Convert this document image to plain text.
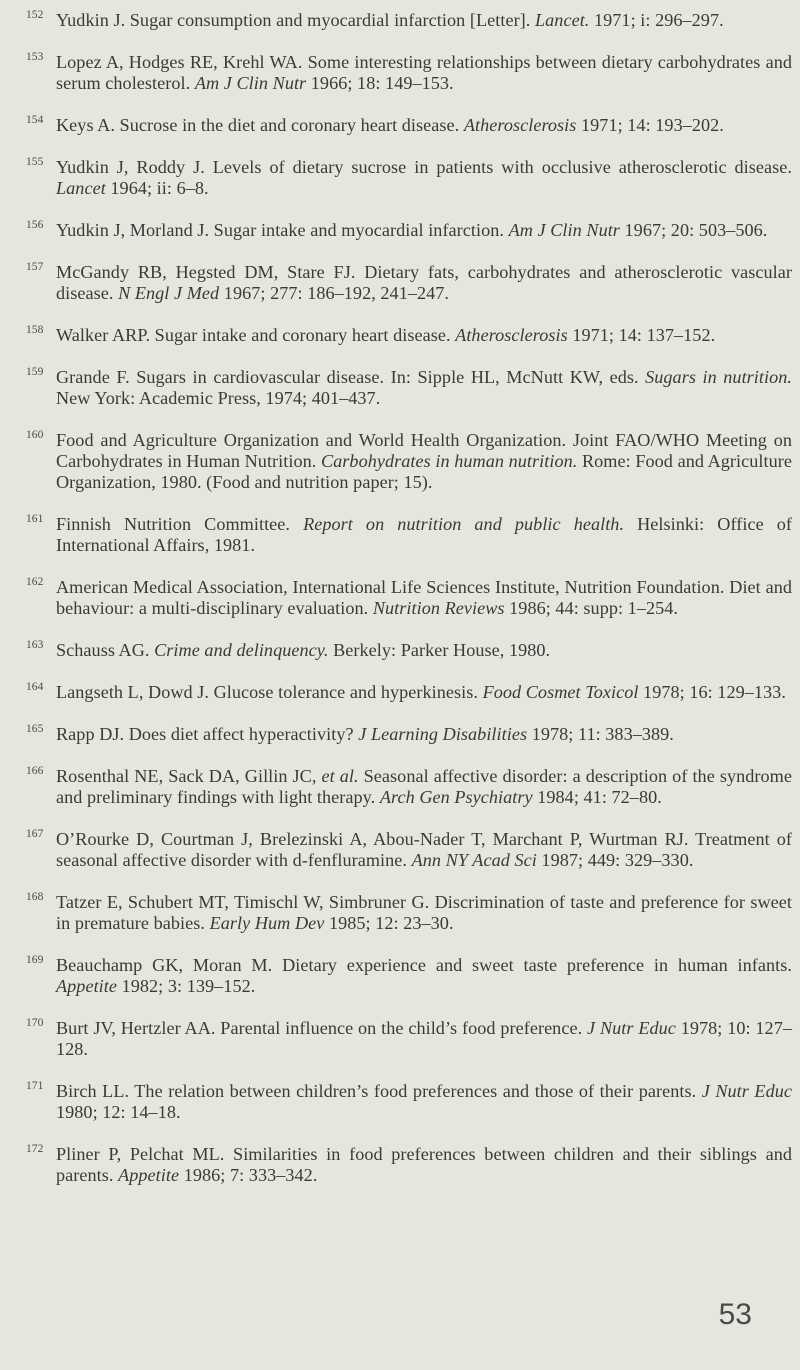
152 Yudkin J. Sugar consumption and myocardial infarction [Letter]. Lancet. 1971; i: 296–297.
153 Lopez A, Hodges RE, Krehl WA. Some interesting relationships between dietary carbohydrates and serum cholesterol. Am J Clin Nutr 1966; 18: 149–153.
154 Keys A. Sucrose in the diet and coronary heart disease. Atherosclerosis 1971; 14: 193–202.
155 Yudkin J, Roddy J. Levels of dietary sucrose in patients with occlusive atherosclerotic disease. Lancet 1964; ii: 6–8.
156 Yudkin J, Morland J. Sugar intake and myocardial infarction. Am J Clin Nutr 1967; 20: 503–506.
157 McGandy RB, Hegsted DM, Stare FJ. Dietary fats, carbohydrates and atherosclerotic vascular disease. N Engl J Med 1967; 277: 186–192, 241–247.
158 Walker ARP. Sugar intake and coronary heart disease. Atherosclerosis 1971; 14: 137–152.
159 Grande F. Sugars in cardiovascular disease. In: Sipple HL, McNutt KW, eds. Sugars in nutrition. New York: Academic Press, 1974; 401–437.
160 Food and Agriculture Organization and World Health Organization. Joint FAO/WHO Meeting on Carbohydrates in Human Nutrition. Carbohydrates in human nutrition. Rome: Food and Agriculture Organization, 1980. (Food and nutrition paper; 15).
161 Finnish Nutrition Committee. Report on nutrition and public health. Helsinki: Office of International Affairs, 1981.
162 American Medical Association, International Life Sciences Institute, Nutrition Foundation. Diet and behaviour: a multi-disciplinary evaluation. Nutrition Reviews 1986; 44: supp: 1–254.
163 Schauss AG. Crime and delinquency. Berkely: Parker House, 1980.
164 Langseth L, Dowd J. Glucose tolerance and hyperkinesis. Food Cosmet Toxicol 1978; 16: 129–133.
165 Rapp DJ. Does diet affect hyperactivity? J Learning Disabilities 1978; 11: 383–389.
166 Rosenthal NE, Sack DA, Gillin JC, et al. Seasonal affective disorder: a description of the syndrome and preliminary findings with light therapy. Arch Gen Psychiatry 1984; 41: 72–80.
167 O’Rourke D, Courtman J, Brelezinski A, Abou-Nader T, Marchant P, Wurtman RJ. Treatment of seasonal affective disorder with d-fenfluramine. Ann NY Acad Sci 1987; 449: 329–330.
168 Tatzer E, Schubert MT, Timischl W, Simbruner G. Discrimination of taste and preference for sweet in premature babies. Early Hum Dev 1985; 12: 23–30.
169 Beauchamp GK, Moran M. Dietary experience and sweet taste preference in human infants. Appetite 1982; 3: 139–152.
170 Burt JV, Hertzler AA. Parental influence on the child’s food preference. J Nutr Educ 1978; 10: 127–128.
171 Birch LL. The relation between children’s food preferences and those of their parents. J Nutr Educ 1980; 12: 14–18.
172 Pliner P, Pelchat ML. Similarities in food preferences between children and their siblings and parents. Appetite 1986; 7: 333–342.
53
